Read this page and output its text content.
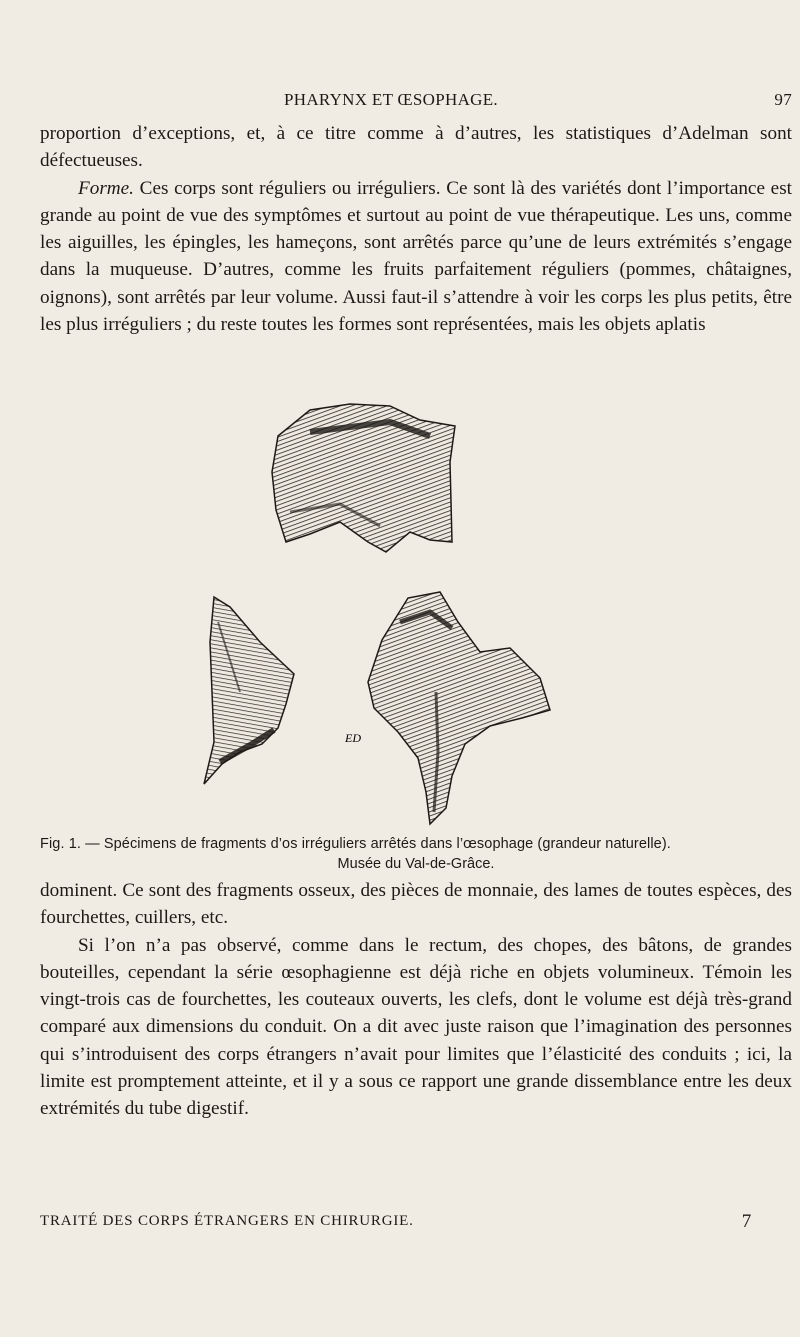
PHARYNX ET ŒSOPHAGE.	97

proportion d’exceptions, et, à ce titre comme à d’autres, les statistiques d’Adelman sont défectueuses.

Forme. Ces corps sont réguliers ou irréguliers. Ce sont là des variétés dont l’importance est grande au point de vue des symptômes et surtout au point de vue thérapeutique. Les uns, comme les aiguilles, les épingles, les hameçons, sont arrêtés parce qu’une de leurs extrémités s’engage dans la muqueuse. D’autres, comme les fruits parfaitement réguliers (pommes, châtaignes, oignons), sont arrêtés par leur volume. Aussi faut-il s’attendre à voir les corps les plus petits, être les plus irréguliers ; du reste toutes les formes sont représentées, mais les objets aplatis

ED
Fig. 1. — Spécimens de fragments d’os irréguliers arrêtés dans l’œsophage (grandeur naturelle).
Musée du Val-de-Grâce.

dominent. Ce sont des fragments osseux, des pièces de monnaie, des lames de toutes espèces, des fourchettes, cuillers, etc.

Si l’on n’a pas observé, comme dans le rectum, des chopes, des bâtons, de grandes bouteilles, cependant la série œsophagienne est déjà riche en objets volumineux. Témoin les vingt-trois cas de fourchettes, les couteaux ouverts, les clefs, dont le volume est déjà très-grand comparé aux dimensions du conduit. On a dit avec juste raison que l’imagination des personnes qui s’introduisent des corps étrangers n’avait pour limites que l’élasticité des conduits ; ici, la limite est promptement atteinte, et il y a sous ce rapport une grande dissemblance entre les deux extrémités du tube digestif.

TRAITÉ DES CORPS ÉTRANGERS EN CHIRURGIE.	7
